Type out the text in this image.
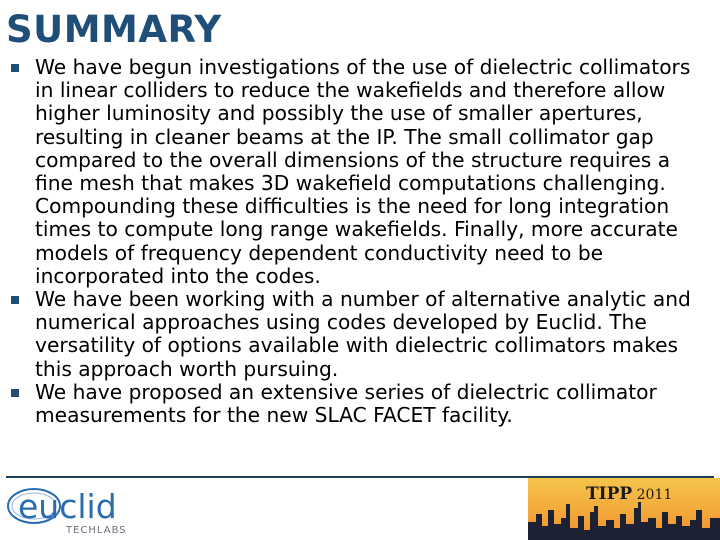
SUMMARY
We have begun investigations of the use of dielectric collimators in linear colliders to reduce the wakefields and therefore allow higher luminosity and possibly the use of smaller apertures, resulting in cleaner beams at the IP. The small collimator gap compared to the overall dimensions of the structure requires a fine mesh that makes 3D wakefield computations challenging. Compounding these difficulties is the need for long integration times to compute long range wakefields. Finally, more accurate models of frequency dependent conductivity need to be incorporated into the codes.
We have been working with a number of alternative analytic and numerical approaches using codes developed by Euclid. The versatility of options available with dielectric collimators makes this approach worth pursuing.
We have proposed an extensive series of dielectric collimator measurements for the new SLAC FACET facility.
euclid
TECHLABS
TIPP 2011
